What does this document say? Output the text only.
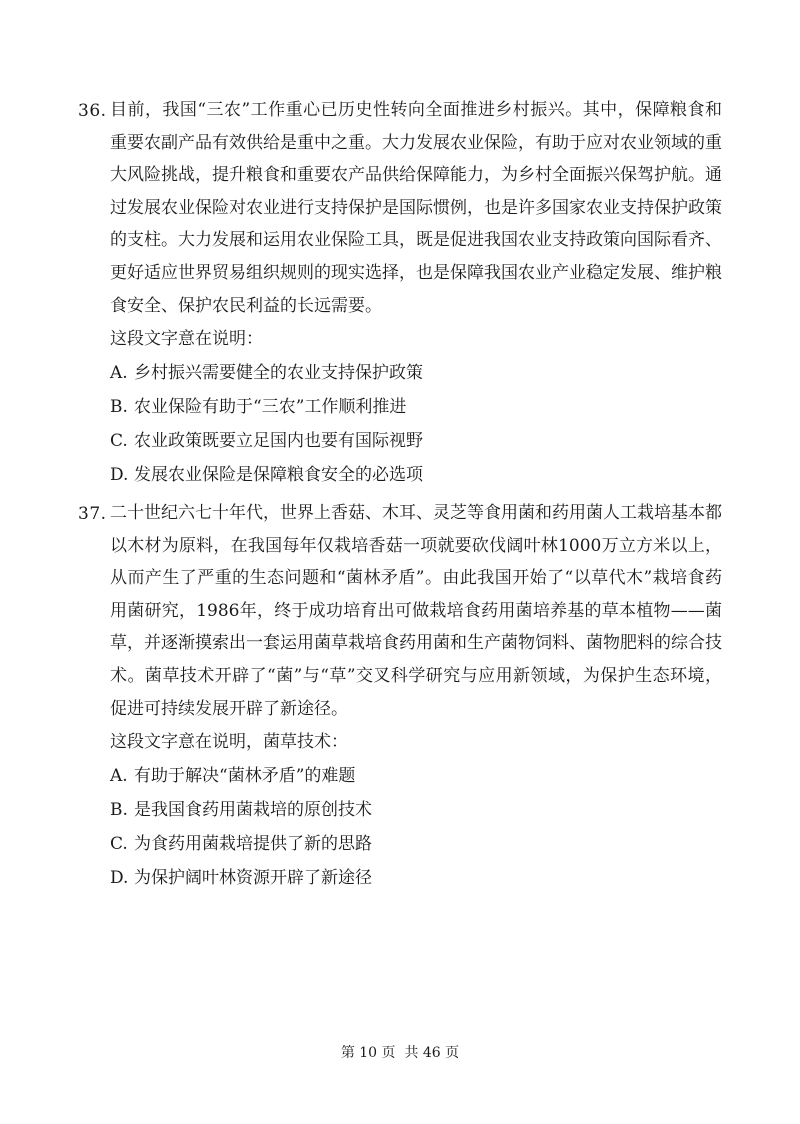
36. 目前，我国“三农”工作重心已历史性转向全面推进乡村振兴。其中，保障粮食和重要农副产品有效供给是重中之重。大力发展农业保险，有助于应对农业领域的重大风险挑战，提升粮食和重要农产品供给保障能力，为乡村全面振兴保驾护航。通过发展农业保险对农业进行支持保护是国际惯例，也是许多国家农业支持保护政策的支柱。大力发展和运用农业保险工具，既是促进我国农业支持政策向国际看齐、更好适应世界贸易组织规则的现实选择，也是保障我国农业产业稳定发展、维护粮食安全、保护农民利益的长远需要。

这段文字意在说明：

A. 乡村振兴需要健全的农业支持保护政策
B. 农业保险有助于“三农”工作顺利推进
C. 农业政策既要立足国内也要有国际视野
D. 发展农业保险是保障粮食安全的必选项
37. 二十世纪六七十年代，世界上香菇、木耳、灵芝等食用菌和药用菌人工栽培基本都以木材为原料，在我国每年仅栽培香菇一项就要砍伐阔叶林1000万立方米以上，从而产生了严重的生态问题和“菌林矛盾”。由此我国开始了“以草代木”栽培食药用菌研究，1986年，终于成功培育出可做栽培食药用菌培养基的草本植物——菌草，并逐渐摸索出一套运用菌草栽培食药用菌和生产菌物饲料、菌物肥料的综合技术。菌草技术开辟了“菌”与“草”交叉科学研究与应用新领域，为保护生态环境，促进可持续发展开辟了新途径。

这段文字意在说明，菌草技术：

A. 有助于解决“菌林矛盾”的难题
B. 是我国食药用菌栽培的原创技术
C. 为食药用菌栽培提供了新的思路
D. 为保护阔叶林资源开辟了新途径
第 10 页  共 46 页
